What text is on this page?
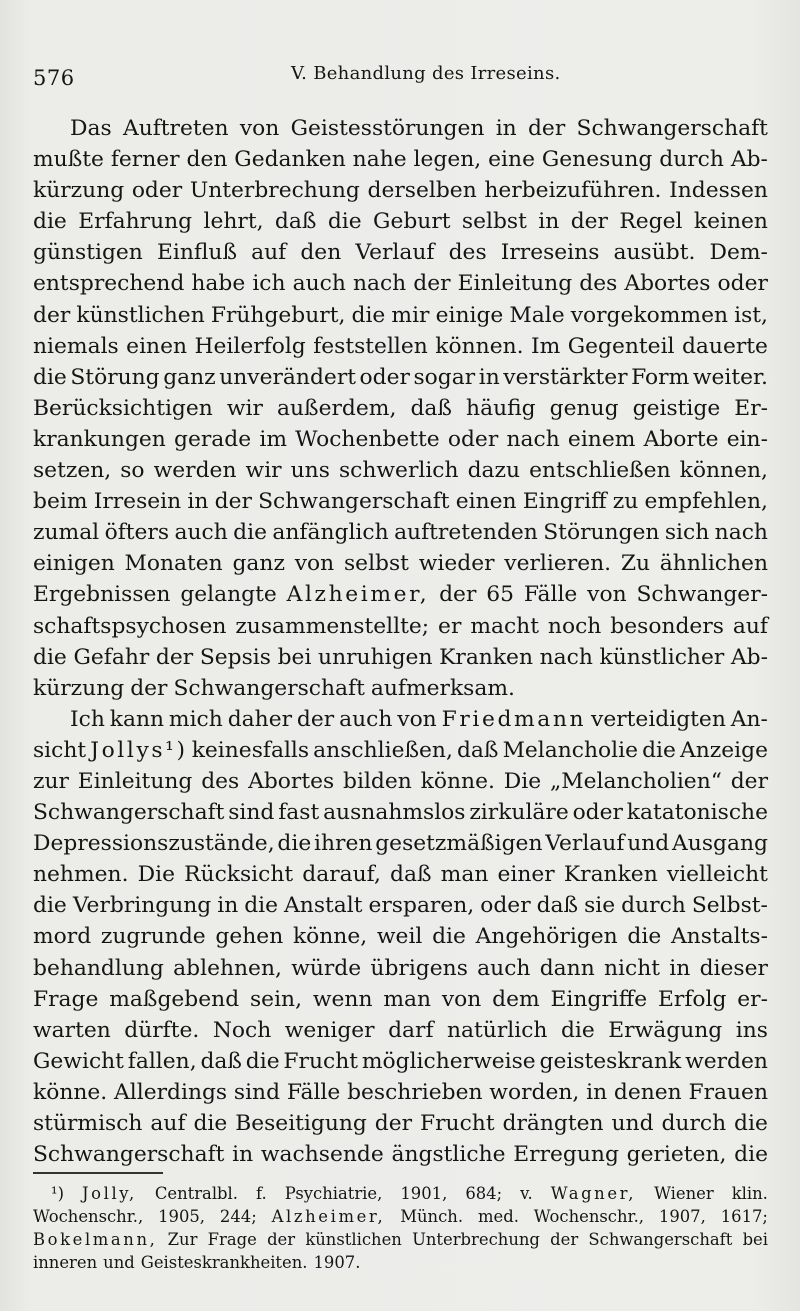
576	V. Behandlung des Irreseins.
Das Auftreten von Geistesstörungen in der Schwangerschaft
mußte ferner den Gedanken nahe legen, eine Genesung durch Ab-
kürzung oder Unterbrechung derselben herbeizuführen. Indessen
die Erfahrung lehrt, daß die Geburt selbst in der Regel keinen
günstigen Einfluß auf den Verlauf des Irreseins ausübt. Dem-
entsprechend habe ich auch nach der Einleitung des Abortes oder
der künstlichen Frühgeburt, die mir einige Male vorgekommen ist,
niemals einen Heilerfolg feststellen können. Im Gegenteil dauerte
die Störung ganz unverändert oder sogar in verstärkter Form weiter.
Berücksichtigen wir außerdem, daß häufig genug geistige Er-
krankungen gerade im Wochenbette oder nach einem Aborte ein-
setzen, so werden wir uns schwerlich dazu entschließen können,
beim Irresein in der Schwangerschaft einen Eingriff zu empfehlen,
zumal öfters auch die anfänglich auftretenden Störungen sich nach
einigen Monaten ganz von selbst wieder verlieren. Zu ähnlichen
Ergebnissen gelangte Alzheimer, der 65 Fälle von Schwanger-
schaftspsychosen zusammenstellte; er macht noch besonders auf
die Gefahr der Sepsis bei unruhigen Kranken nach künstlicher Ab-
kürzung der Schwangerschaft aufmerksam.
Ich kann mich daher der auch von Friedmann verteidigten An-
sicht Jollys¹) keinesfalls anschließen, daß Melancholie die Anzeige
zur Einleitung des Abortes bilden könne. Die „Melancholien“ der
Schwangerschaft sind fast ausnahmslos zirkuläre oder katatonische
Depressionszustände, die ihren gesetzmäßigen Verlauf und Ausgang
nehmen. Die Rücksicht darauf, daß man einer Kranken vielleicht
die Verbringung in die Anstalt ersparen, oder daß sie durch Selbst-
mord zugrunde gehen könne, weil die Angehörigen die Anstalts-
behandlung ablehnen, würde übrigens auch dann nicht in dieser
Frage maßgebend sein, wenn man von dem Eingriffe Erfolg er-
warten dürfte. Noch weniger darf natürlich die Erwägung ins
Gewicht fallen, daß die Frucht möglicherweise geisteskrank werden
könne. Allerdings sind Fälle beschrieben worden, in denen Frauen
stürmisch auf die Beseitigung der Frucht drängten und durch die
Schwangerschaft in wachsende ängstliche Erregung gerieten, die
¹) Jolly, Centralbl. f. Psychiatrie, 1901, 684; v. Wagner, Wiener klin.
Wochenschr., 1905, 244; Alzheimer, Münch. med. Wochenschr., 1907, 1617;
Bokelmann, Zur Frage der künstlichen Unterbrechung der Schwangerschaft bei
inneren und Geisteskrankheiten. 1907.
